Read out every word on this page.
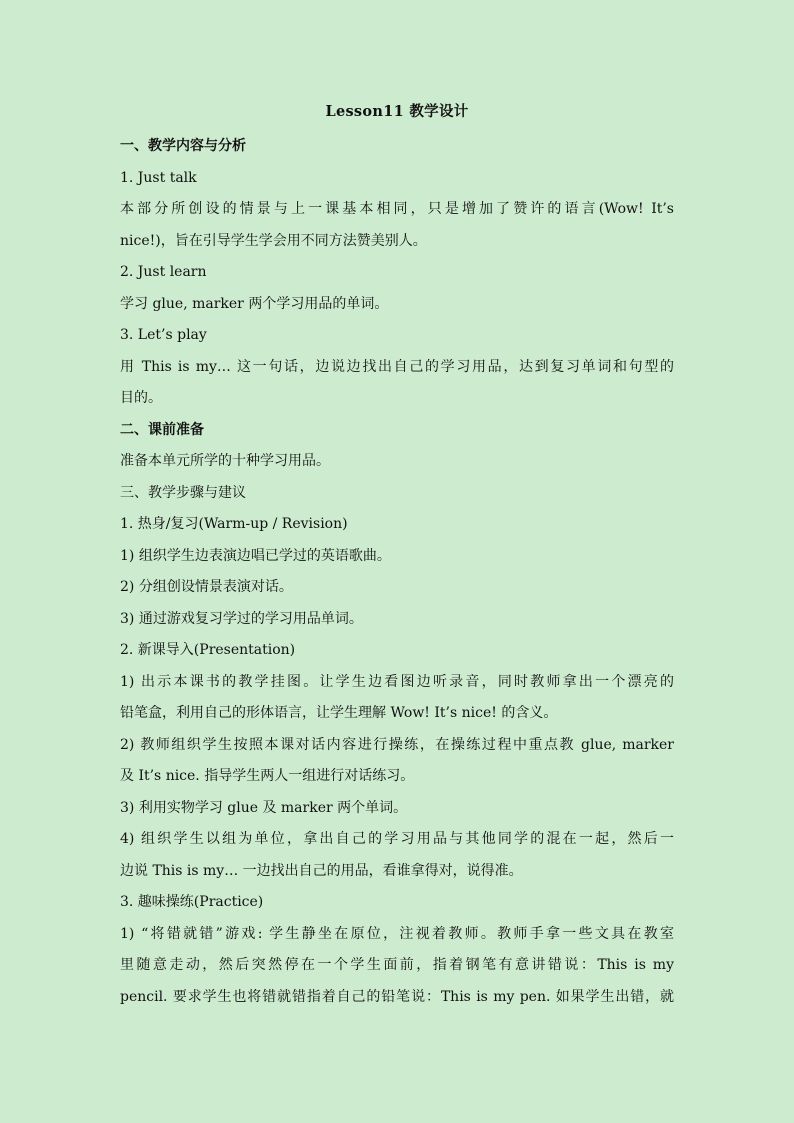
Lesson11 教学设计

一、教学内容与分析

1. Just talk

本部分所创设的情景与上一课基本相同，只是增加了赞许的语言(Wow! It’s

nice!)，旨在引导学生学会用不同方法赞美别人。

2. Just learn

学习 glue, marker 两个学习用品的单词。

3. Let’s play

用 This is my… 这一句话，边说边找出自己的学习用品，达到复习单词和句型的

目的。

二、课前准备

准备本单元所学的十种学习用品。

三、教学步骤与建议

1. 热身/复习(Warm-up / Revision)

1) 组织学生边表演边唱已学过的英语歌曲。

2) 分组创设情景表演对话。

3) 通过游戏复习学过的学习用品单词。

2. 新课导入(Presentation)

1) 出示本课书的教学挂图。让学生边看图边听录音，同时教师拿出一个漂亮的

铅笔盒，利用自己的形体语言，让学生理解 Wow! It’s nice! 的含义。

2) 教师组织学生按照本课对话内容进行操练，在操练过程中重点教 glue, marker

及 It’s nice. 指导学生两人一组进行对话练习。

3) 利用实物学习 glue 及 marker 两个单词。

4) 组织学生以组为单位，拿出自己的学习用品与其他同学的混在一起，然后一

边说 This is my… 一边找出自己的用品，看谁拿得对，说得准。

3. 趣味操练(Practice)

1) “将错就错”游戏: 学生静坐在原位，注视着教师。教师手拿一些文具在教室

里随意走动，然后突然停在一个学生面前，指着钢笔有意讲错说：This is my

pencil. 要求学生也将错就错指着自己的铅笔说：This is my pen. 如果学生出错，就
